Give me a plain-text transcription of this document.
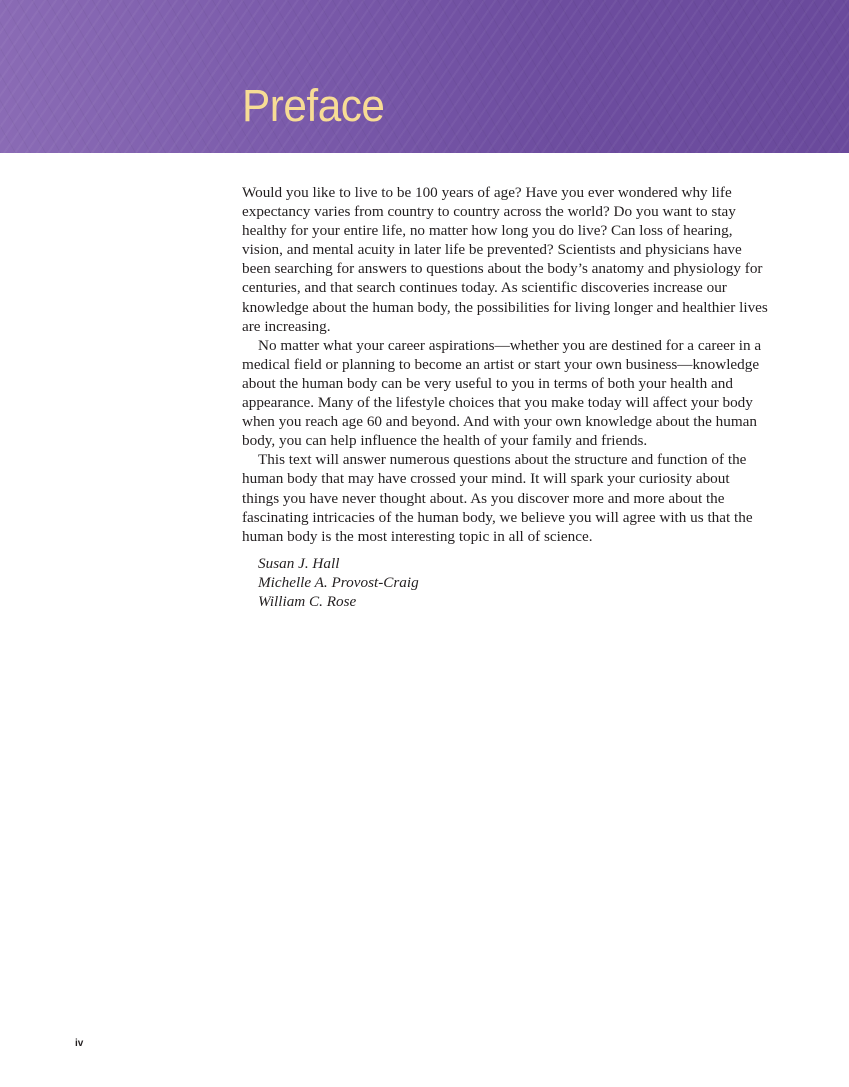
Preface

Would you like to live to be 100 years of age? Have you ever wondered why life expectancy varies from country to country across the world? Do you want to stay healthy for your entire life, no matter how long you do live? Can loss of hearing, vision, and mental acuity in later life be prevented? Scientists and physicians have been searching for answers to questions about the body’s anatomy and physiology for centuries, and that search continues today. As scientific discoveries increase our knowledge about the human body, the possibilities for living longer and healthier lives are increasing.

No matter what your career aspirations—whether you are destined for a career in a medical field or planning to become an artist or start your own business—knowledge about the human body can be very useful to you in terms of both your health and appearance. Many of the lifestyle choices that you make today will affect your body when you reach age 60 and beyond. And with your own knowledge about the human body, you can help influence the health of your family and friends.

This text will answer numerous questions about the structure and function of the human body that may have crossed your mind. It will spark your curiosity about things you have never thought about. As you discover more and more about the fascinating intricacies of the human body, we believe you will agree with us that the human body is the most interesting topic in all of science.

Susan J. Hall
Michelle A. Provost-Craig
William C. Rose
iv
